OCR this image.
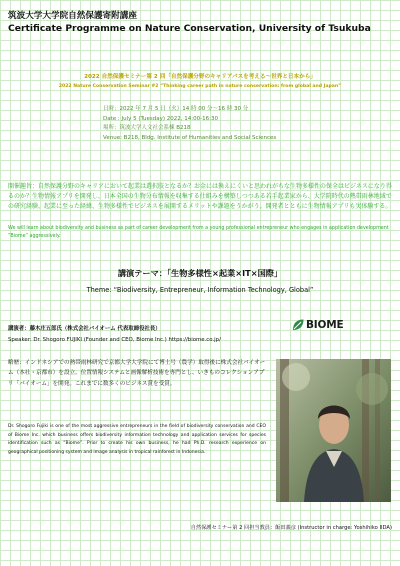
筑波大学大学院自然保護寄附講座
Certificate Programme on Nature Conservation, University of Tsukuba
2022 自然保護セミナー第 2 回「自然保護分野のキャリアパスを考える～世界と日本から」
2022 Nature Conservation Seminar #2 “Thinking career path in nature conservation: from global and Japan”
日時：2022 年 7 月 5 日（火）14 時 00 分～16 時 30 分
Date : July 5 (Tuesday) 2022, 14:00-16:30
場所：筑波大学人文社会系棟 B218
Venue: B218, Bldg. Institute of Humanities and Social Sciences
開催趣旨：自然保護分野のキャリアにおいて起業は選択肢となるか？お金には換えにくいと思われがちな生物多様性の保全はビジネスになり得るのか？生物情報アプリを開発し、日本全国の生物分布情報を収集する仕組みを構築しつつある若手起業家から、大学院時代の熱帯雨林地域での研究経験、起業に至った経緯、生物多様性でビジネスを展開するメリットや課題をうかがう。開発者とともに生物情報アプリも実体験する。
We will learn about biodiversity and business as part of career development from a young professional entrepreneur who engages in application development “Biome” aggressively.
講演テーマ：「生物多様性×起業×IT×国際」
Theme: “Biodiversity, Entrepreneur, Information Technology, Global”
講演者：藤木庄五郎氏（株式会社バイオーム 代表取締役社長）
Speaker: Dr. Shogoro FUJIKI (Founder and CEO, Biome Inc.) https://biome.co.jp/
BIOME
略歴：インドネシアでの熱帯雨林研究で京都大学大学院にて博士号（農学）取得後に株式会社バイオーム（本社・京都市）を設立。位置情報システムと画像解析技術を専門とし、いきものコレクションアプリ「バイオーム」を開発。これまでに数多くのビジネス賞を受賞。
Dr. Shogoro Fujiki is one of the most aggressive entrepreneurs in the field of biodiversity conservation and CEO of Biome Inc. which business offers biodiversity information technology and application services for species identification such as “Biome”. Prior to create his own business, he had Ph.D. research experience on geographical positioning system and image analysis in tropical rainforest in Indonesia.
自然保護セミナー第 2 回担当教員：飯田義彦 (Instructor in charge: Yoshihiko IIDA)
